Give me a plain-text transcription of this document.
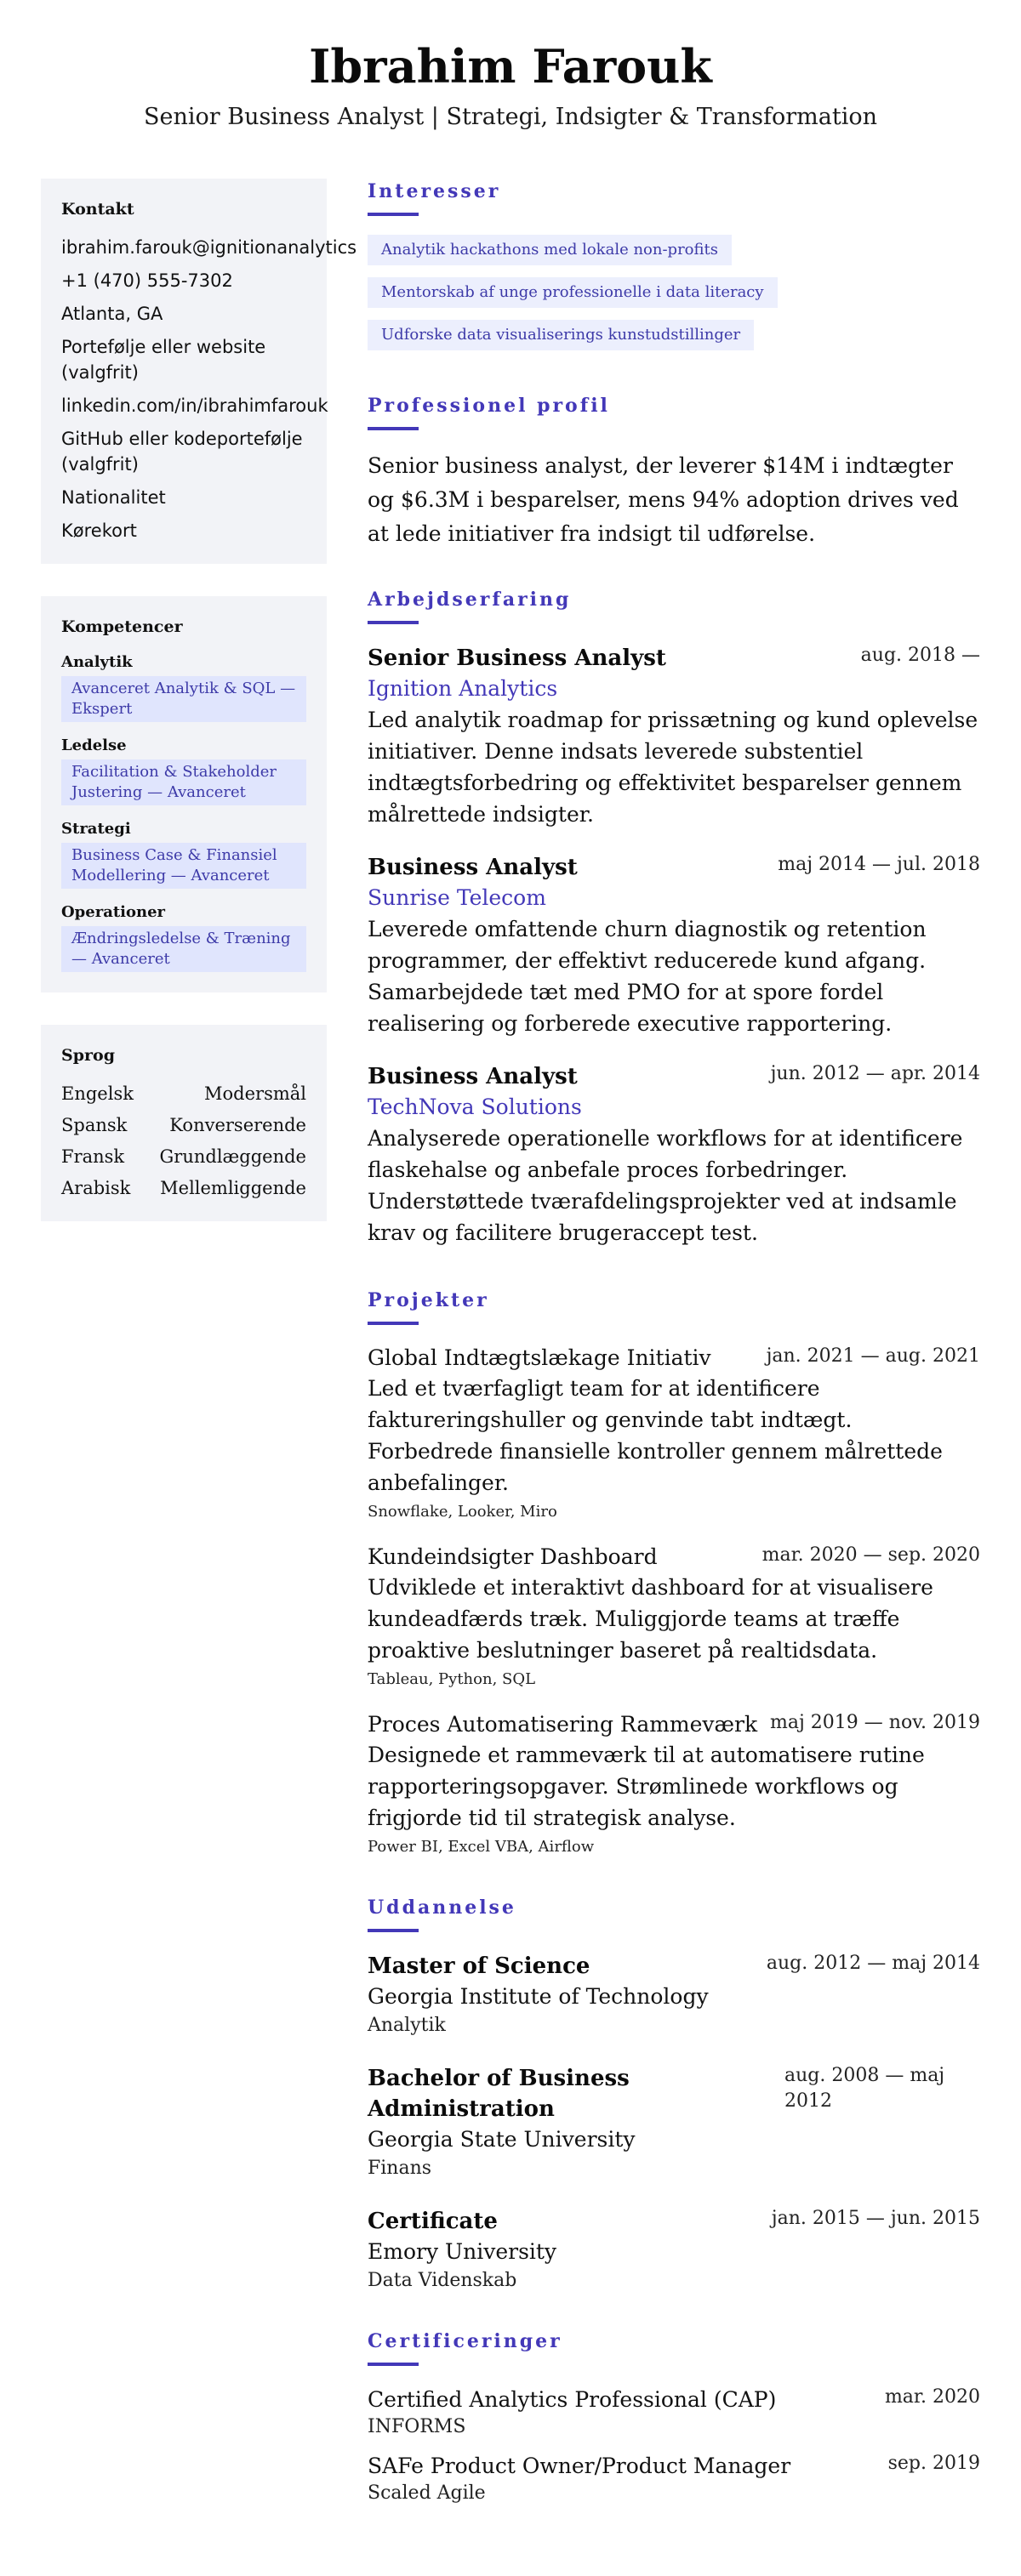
Ibrahim Farouk
Senior Business Analyst | Strategi, Indsigter & Transformation
Kontakt
ibrahim.farouk@ignitionanalytics
+1 (470) 555-7302
Atlanta, GA
Portefølje eller website (valgfrit)
linkedin.com/in/ibrahimfarouk
GitHub eller kodeportefølje (valgfrit)
Nationalitet
Kørekort
Kompetencer
Analytik
Avanceret Analytik & SQL — Ekspert
Ledelse
Facilitation & Stakeholder Justering — Avanceret
Strategi
Business Case & Finansiel Modellering — Avanceret
Operationer
Ændringsledelse & Træning — Avanceret
Sprog
Engelsk	Modersmål
Spansk Konverserende
Fransk Grundlæggende
Arabisk Mellemliggende
Interesser
Analytik hackathons med lokale non-profits
Mentorskab af unge professionelle i data literacy
Udforske data visualiserings kunstudstillinger
Professionel profil

Senior business analyst, der leverer $14M i indtægter og $6.3M i besparelser, mens 94% adoption drives ved at lede initiativer fra indsigt til udførelse.

Arbejdserfaring
Senior Business Analyst	aug. 2018 —
Ignition Analytics

Led analytik roadmap for prissætning og kund oplevelse initiativer. Denne indsats leverede substentiel indtægtsforbedring og effektivitet besparelser gennem målrettede indsigter.

Business Analyst	maj 2014 — jul. 2018
Sunrise Telecom

Leverede omfattende churn diagnostik og retention programmer, der effektivt reducerede kund afgang. Samarbejdede tæt med PMO for at spore fordel realisering og forberede executive rapportering.

Business Analyst	jun. 2012 — apr. 2014
TechNova Solutions

Analyserede operationelle workflows for at identificere flaskehalse og anbefale proces forbedringer. Understøttede tværafdelingsprojekter ved at indsamle krav og facilitere brugeraccept test.

Projekter
Global Indtægtslækage Initiativ	jan. 2021 — aug. 2021

Led et tværfagligt team for at identificere faktureringshuller og genvinde tabt indtægt. Forbedrede finansielle kontroller gennem målrettede anbefalinger.

Snowflake, Looker, Miro
Kundeindsigter Dashboard	mar. 2020 — sep. 2020

Udviklede et interaktivt dashboard for at visualisere kundeadfærds træk. Muliggjorde teams at træffe proaktive beslutninger baseret på realtidsdata.

Tableau, Python, SQL
Proces Automatisering Rammeværk maj 2019 — nov. 2019

Designede et rammeværk til at automatisere rutine rapporteringsopgaver. Strømlinede workflows og frigjorde tid til strategisk analyse.

Power BI, Excel VBA, Airflow
Uddannelse
Master of Science	aug. 2012 — maj 2014
Georgia Institute of Technology
Analytik
Bachelor of Business Administration
aug. 2008 — maj 2012
Georgia State University
Finans
Certificate	jan. 2015 — jun. 2015
Emory University
Data Videnskab
Certificeringer
Certified Analytics Professional (CAP)	mar. 2020
INFORMS
SAFe Product Owner/Product Manager	sep. 2019
Scaled Agile
